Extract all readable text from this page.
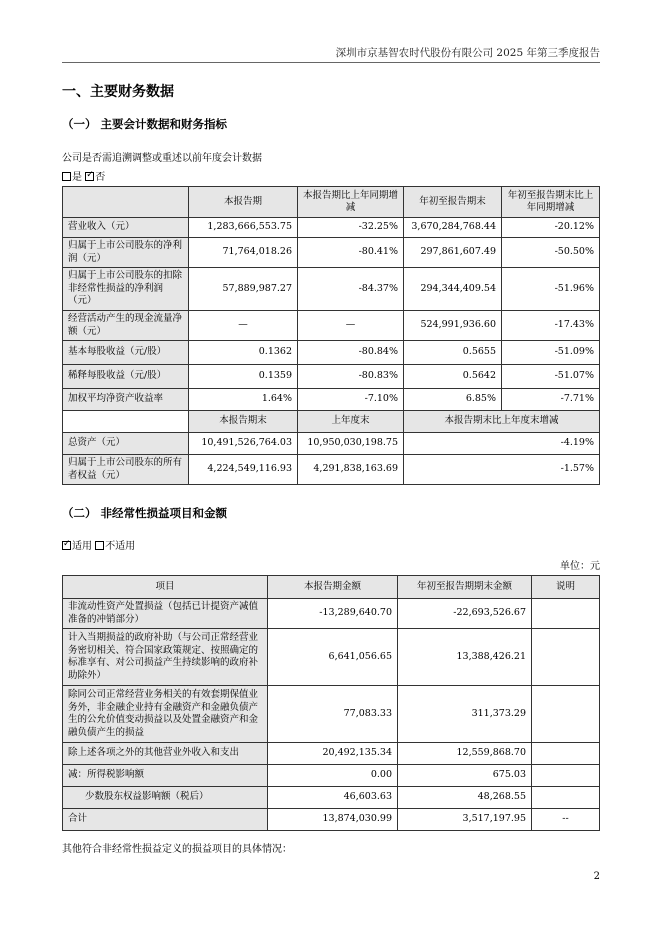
深圳市京基智农时代股份有限公司 2025 年第三季度报告
一、主要财务数据
（一） 主要会计数据和财务指标
公司是否需追溯调整或重述以前年度会计数据
是 ✓ 否
	本报告期	本报告期比上年同期增减	年初至报告期末	年初至报告期末比上年同期增减
营业收入（元）	1,283,666,553.75	-32.25%	3,670,284,768.44	-20.12%
归属于上市公司股东的净利润（元）	71,764,018.26	-80.41%	297,861,607.49	-50.50%
归属于上市公司股东的扣除非经常性损益的净利润（元）	57,889,987.27	-84.37%	294,344,409.54	-51.96%
经营活动产生的现金流量净额（元）	—	—	524,991,936.60	-17.43%
基本每股收益（元/股）	0.1362	-80.84%	0.5655	-51.09%
稀释每股收益（元/股）	0.1359	-80.83%	0.5642	-51.07%
加权平均净资产收益率	1.64%	-7.10%	6.85%	-7.71%
	本报告期末	上年度末	本报告期末比上年度末增减	
总资产（元）	10,491,526,764.03	10,950,030,198.75	-4.19%	
归属于上市公司股东的所有者权益（元）	4,224,549,116.93	4,291,838,163.69	-1.57%	
（二） 非经常性损益项目和金额
✓适用 不适用
单位：元
项目	本报告期金额	年初至报告期期末金额	说明
非流动性资产处置损益（包括已计提资产减值准备的冲销部分）	-13,289,640.70	-22,693,526.67	
计入当期损益的政府补助（与公司正常经营业务密切相关、符合国家政策规定、按照确定的标准享有、对公司损益产生持续影响的政府补助除外）	6,641,056.65	13,388,426.21	
除同公司正常经营业务相关的有效套期保值业务外，非金融企业持有金融资产和金融负债产生的公允价值变动损益以及处置金融资产和金融负债产生的损益	77,083.33	311,373.29	
除上述各项之外的其他营业外收入和支出	20,492,135.34	12,559,868.70	
减：所得税影响额	0.00	675.03	
少数股东权益影响额（税后）	46,603.63	48,268.55	
合计	13,874,030.99	3,517,197.95	--
其他符合非经常性损益定义的损益项目的具体情况：
2
